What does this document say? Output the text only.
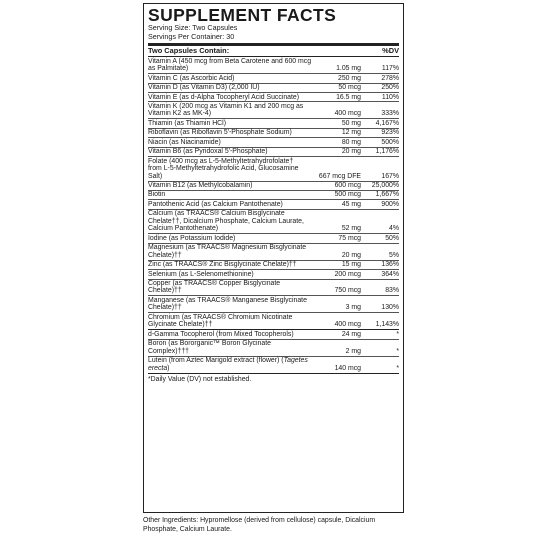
SUPPLEMENT FACTS
Serving Size: Two Capsules
Servings Per Container: 30
Two Capsules Contain:	%DV
Vitamin A (450 mcg from Beta Carotene and 600 mcg as Palmitate)	1.05 mg	117%
Vitamin C (as Ascorbic Acid)	250 mg	278%
Vitamin D (as Vitamin D3) (2,000 IU)	50 mcg	250%
Vitamin E (as d-Alpha Tocopheryl Acid Succinate)	16.5 mg	110%
Vitamin K (200 mcg as Vitamin K1 and 200 mcg as Vitamin K2 as MK-4)	400 mcg	333%
Thiamin (as Thiamin HCl)	50 mg	4,167%
Riboflavin (as Riboflavin 5'-Phosphate Sodium)	12 mg	923%
Niacin (as Niacinamide)	80 mg	500%
Vitamin B6 (as Pyridoxal 5'-Phosphate)	20 mg	1,176%
Folate (400 mcg as L-5-Methyltetrahydrofolate† from L-5-Methyltetrahydrofolic Acid, Glucosamine Salt)	667 mcg DFE	167%
Vitamin B12 (as Methylcobalamin)	600 mcg	25,000%
Biotin	500 mcg	1,667%
Pantothenic Acid (as Calcium Pantothenate)	45 mg	900%
Calcium (as TRAACS® Calcium Bisglycinate Chelate††, Dicalcium Phosphate, Calcium Laurate, Calcium Pantothenate)	52 mg	4%
Iodine (as Potassium Iodide)	75 mcg	50%
Magnesium (as TRAACS® Magnesium Bisglycinate Chelate)††	20 mg	5%
Zinc (as TRAACS® Zinc Bisglycinate Chelate)††	15 mg	136%
Selenium (as L-Selenomethionine)	200 mcg	364%
Copper (as TRAACS® Copper Bisglycinate Chelate)††	750 mcg	83%
Manganese (as TRAACS® Manganese Bisglycinate Chelate)††	3 mg	130%
Chromium (as TRAACS® Chromium Nicotinate Glycinate Chelate)††	400 mcg	1,143%
d-Gamma Tocopherol (from Mixed Tocopherols)	24 mg	*
Boron (as Bororganic™ Boron Glycinate Complex)†††	2 mg	*
Lutein (from Aztec Marigold extract (flower) (Tagetes erecta)	140 mcg	*
*Daily Value (DV) not established.
Other Ingredients: Hypromellose (derived from cellulose) capsule, Dicalcium Phosphate, Calcium Laurate.
